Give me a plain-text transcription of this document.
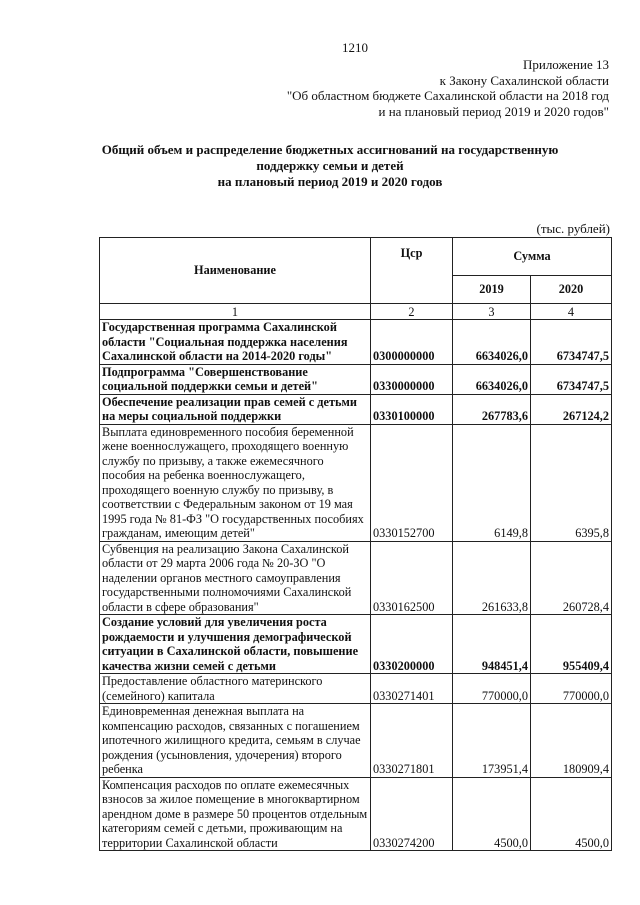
1210
Приложение 13
к Закону Сахалинской области
"Об областном бюджете Сахалинской области на 2018 год
и на плановый период 2019 и 2020 годов"
Общий объем и распределение бюджетных ассигнований на государственную
поддержку семьи и детей
на плановый период 2019 и 2020 годов
(тыс. рублей)
Наименование	Цср	Сумма	
		2019	2020
1	2	3	4
Государственная программа Сахалинской области "Социальная поддержка населения Сахалинской области на 2014-2020 годы"	0300000000	6634026,0	6734747,5
Подпрограмма "Совершенствование социальной поддержки семьи и детей"	0330000000	6634026,0	6734747,5
Обеспечение реализации прав семей с детьми на меры социальной поддержки	0330100000	267783,6	267124,2
Выплата единовременного пособия беременной жене военнослужащего, проходящего военную службу по призыву, а также ежемесячного пособия на ребенка военнослужащего, проходящего военную службу по призыву, в соответствии с Федеральным законом от 19 мая 1995 года № 81-ФЗ "О государственных пособиях гражданам, имеющим детей"	0330152700	6149,8	6395,8
Субвенция на реализацию Закона Сахалинской области от 29 марта 2006 года № 20-ЗО "О наделении органов местного самоуправления государственными полномочиями Сахалинской области в сфере образования"	0330162500	261633,8	260728,4
Создание условий для увеличения роста рождаемости и улучшения демографической ситуации в Сахалинской области, повышение качества жизни семей с детьми	0330200000	948451,4	955409,4
Предоставление областного материнского (семейного) капитала	0330271401	770000,0	770000,0
Единовременная денежная выплата на компенсацию расходов, связанных с погашением ипотечного жилищного кредита, семьям в случае рождения (усыновления, удочерения) второго ребенка	0330271801	173951,4	180909,4
Компенсация расходов по оплате ежемесячных взносов за жилое помещение в многоквартирном арендном доме в размере 50 процентов отдельным категориям семей с детьми, проживающим на территории Сахалинской области	0330274200	4500,0	4500,0
